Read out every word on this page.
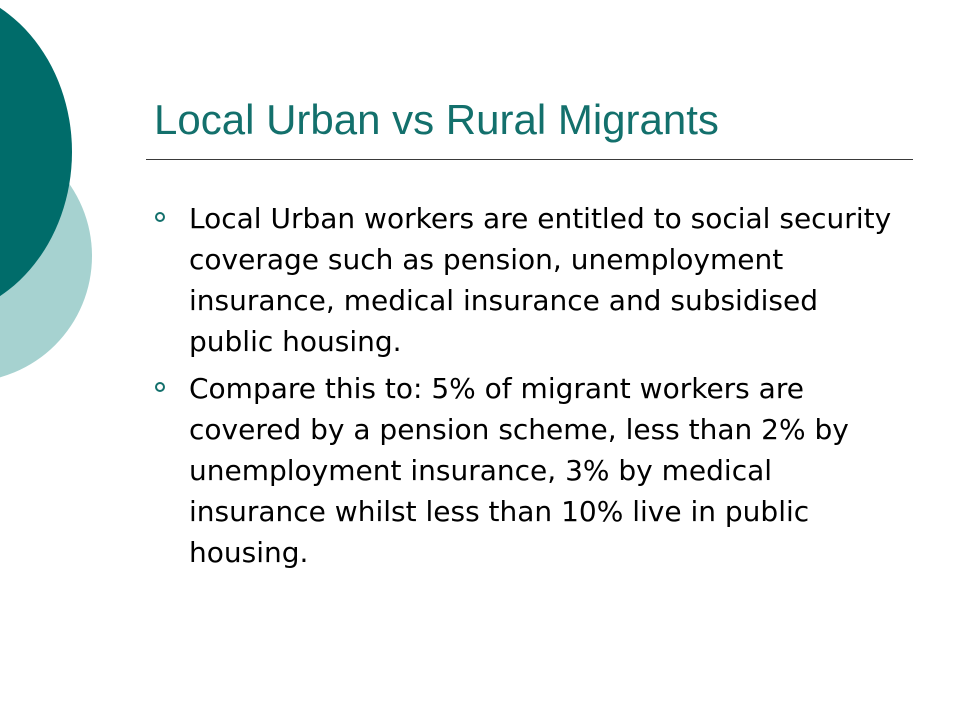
Local Urban vs Rural Migrants
Local Urban workers are entitled to social security coverage such as pension, unemployment insurance, medical insurance and subsidised public housing.
Compare this to: 5% of migrant workers are covered by a pension scheme, less than 2% by unemployment insurance, 3% by medical insurance whilst less than 10% live in public housing.
